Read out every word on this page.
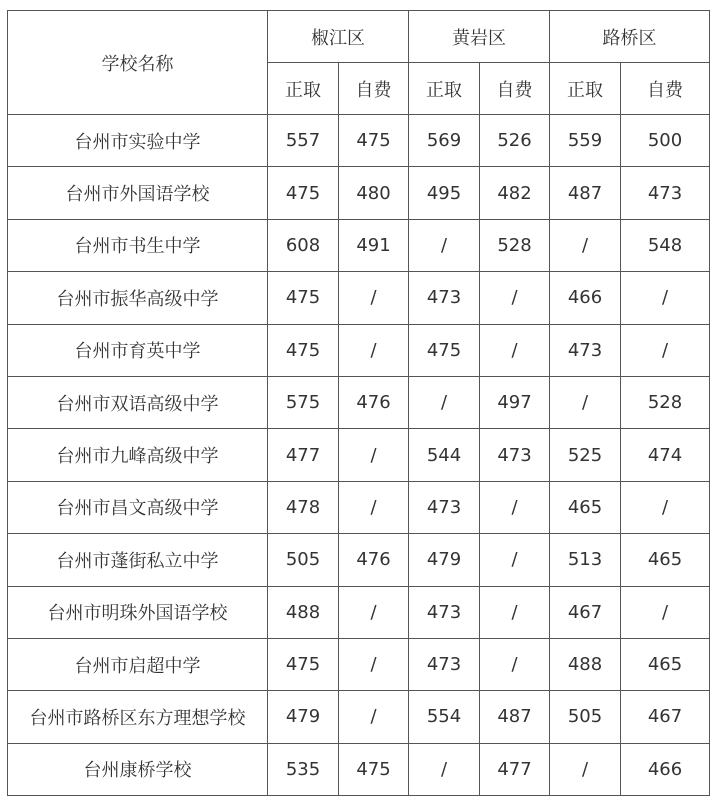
学校名称	椒江区		黄岩区		路桥区	
	正取	自费	正取	自费	正取	自费
台州市实验中学	557	475	569	526	559	500
台州市外国语学校	475	480	495	482	487	473
台州市书生中学	608	491	/	528	/	548
台州市振华高级中学	475	/	473	/	466	/
台州市育英中学	475	/	475	/	473	/
台州市双语高级中学	575	476	/	497	/	528
台州市九峰高级中学	477	/	544	473	525	474
台州市昌文高级中学	478	/	473	/	465	/
台州市蓬街私立中学	505	476	479	/	513	465
台州市明珠外国语学校	488	/	473	/	467	/
台州市启超中学	475	/	473	/	488	465
台州市路桥区东方理想学校	479	/	554	487	505	467
台州康桥学校	535	475	/	477	/	466
